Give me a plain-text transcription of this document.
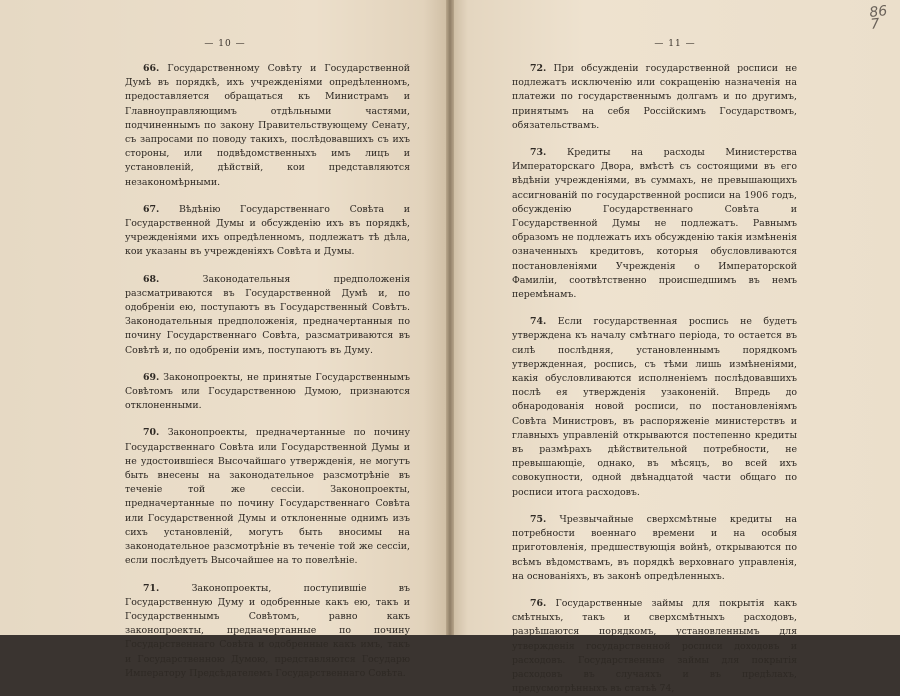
— 10 —

66. Государственному Совѣту и Государственной Думѣ въ порядкѣ, ихъ учрежденіями опредѣленномъ, предоставляется обращаться къ Министрамъ и Главноуправляющимъ отдѣльными частями, подчиненнымъ по закону Правительствующему Сенату, съ запросами по поводу такихъ, послѣдовавшихъ съ ихъ стороны, или подвѣдомственныхъ имъ лицъ и установленій, дѣйствій, кои представляются незакономѣрными.

67. Вѣдѣнію Государственнаго Совѣта и Государственной Думы и обсужденію ихъ въ порядкѣ, учрежденіями ихъ опредѣленномъ, подлежатъ тѣ дѣла, кои указаны въ учрежденіяхъ Совѣта и Думы.

68.	Законодательныя предположенія разсматриваются въ Государственной Думѣ и, по одобреніи ею, поступаютъ въ Государственный Совѣтъ. Законодательныя предположенія, предначертанныя по почину Государственнаго Совѣта, разсматриваются въ Совѣтѣ и, по одобреніи имъ, поступаютъ въ Думу.

69. Законопроекты, не принятые Государственнымъ Совѣтомъ или Государственною Думою, признаются отклоненными.

70. Законопроекты, предначертанные по почину Государственнаго Совѣта или Государственной Думы и не удостоившіеся Высочайшаго утвержденія, не могутъ быть внесены на законодательное разсмотрѣніе въ теченіе той же сессіи. Законопроекты, предначертанные по почину Государственнаго Совѣта или Государственной Думы и отклоненные однимъ изъ сихъ установленій, могутъ быть вносимы на законодательное разсмотрѣніе въ теченіе той же сессіи, если послѣдуетъ Высочайшее на то повелѣніе.

71.	Законопроекты, поступившіе въ Государственную Думу и одобренные какъ ею, такъ и Государственнымъ Совѣтомъ, равно какъ законопроекты, предначертанные по почину Государственнаго Совѣта и одобренные какъ имъ, такъ и Государственною Думою, представляются Государю Императору Предсѣдателемъ Государственнаго Совѣта.

86
7
— 11 —

72. При обсужденіи государственной росписи не подлежатъ исключенію или сокращенію назначенія на платежи по государственнымъ долгамъ и по другимъ, принятымъ на себя Россійскимъ Государствомъ, обязательствамъ.

73. Кредиты на расходы Министерства Императорскаго Двора, вмѣстѣ съ состоящими въ его вѣдѣніи учрежденіями, въ суммахъ, не превышающихъ ассигнованій по государственной росписи на 1906 годъ, обсужденію Государственнаго Совѣта и Государственной Думы не подлежатъ. Равнымъ образомъ не подлежатъ ихъ обсужденію такія измѣненія означенныхъ кредитовъ, которыя обусловливаются постановленіями Учрежденія о Императорской Фамиліи, соотвѣтственно происшедшимъ въ немъ перемѣнамъ.

74. Если государственная роспись не будетъ утверждена къ началу смѣтнаго періода, то остается въ силѣ послѣдняя, установленнымъ порядкомъ утвержденная, роспись, съ тѣми лишь измѣненіями, какія обусловливаются исполненіемъ послѣдовавшихъ послѣ ея утвержденія узаконеній. Впредь до обнародованія новой росписи, по постановленіямъ Совѣта Министровъ, въ распоряженіе министерствъ и главныхъ управленій открываются постепенно кредиты въ размѣрахъ дѣйствительной потребности, не превышающіе, однако, въ мѣсяцъ, во всей ихъ совокупности, одной двѣнадцатой части общаго по росписи итога расходовъ.

75. Чрезвычайные сверхсмѣтные кредиты на потребности военнаго времени и на особыя приготовленія, предшествующія войнѣ, открываются по всѣмъ вѣдомствамъ, въ порядкѣ верховнаго управленія, на основаніяхъ, въ законѣ опредѣленныхъ.

76. Государственные займы для покрытія какъ смѣтныхъ, такъ и сверхсмѣтныхъ расходовъ, разрѣшаются порядкомъ, установленнымъ для утвержденія государственной росписи доходовъ и расходовъ. Государственные займы для покрытія расходовъ въ случаяхъ и въ предѣлахъ, предусмотрѣнныхъ въ статьѣ 74,
